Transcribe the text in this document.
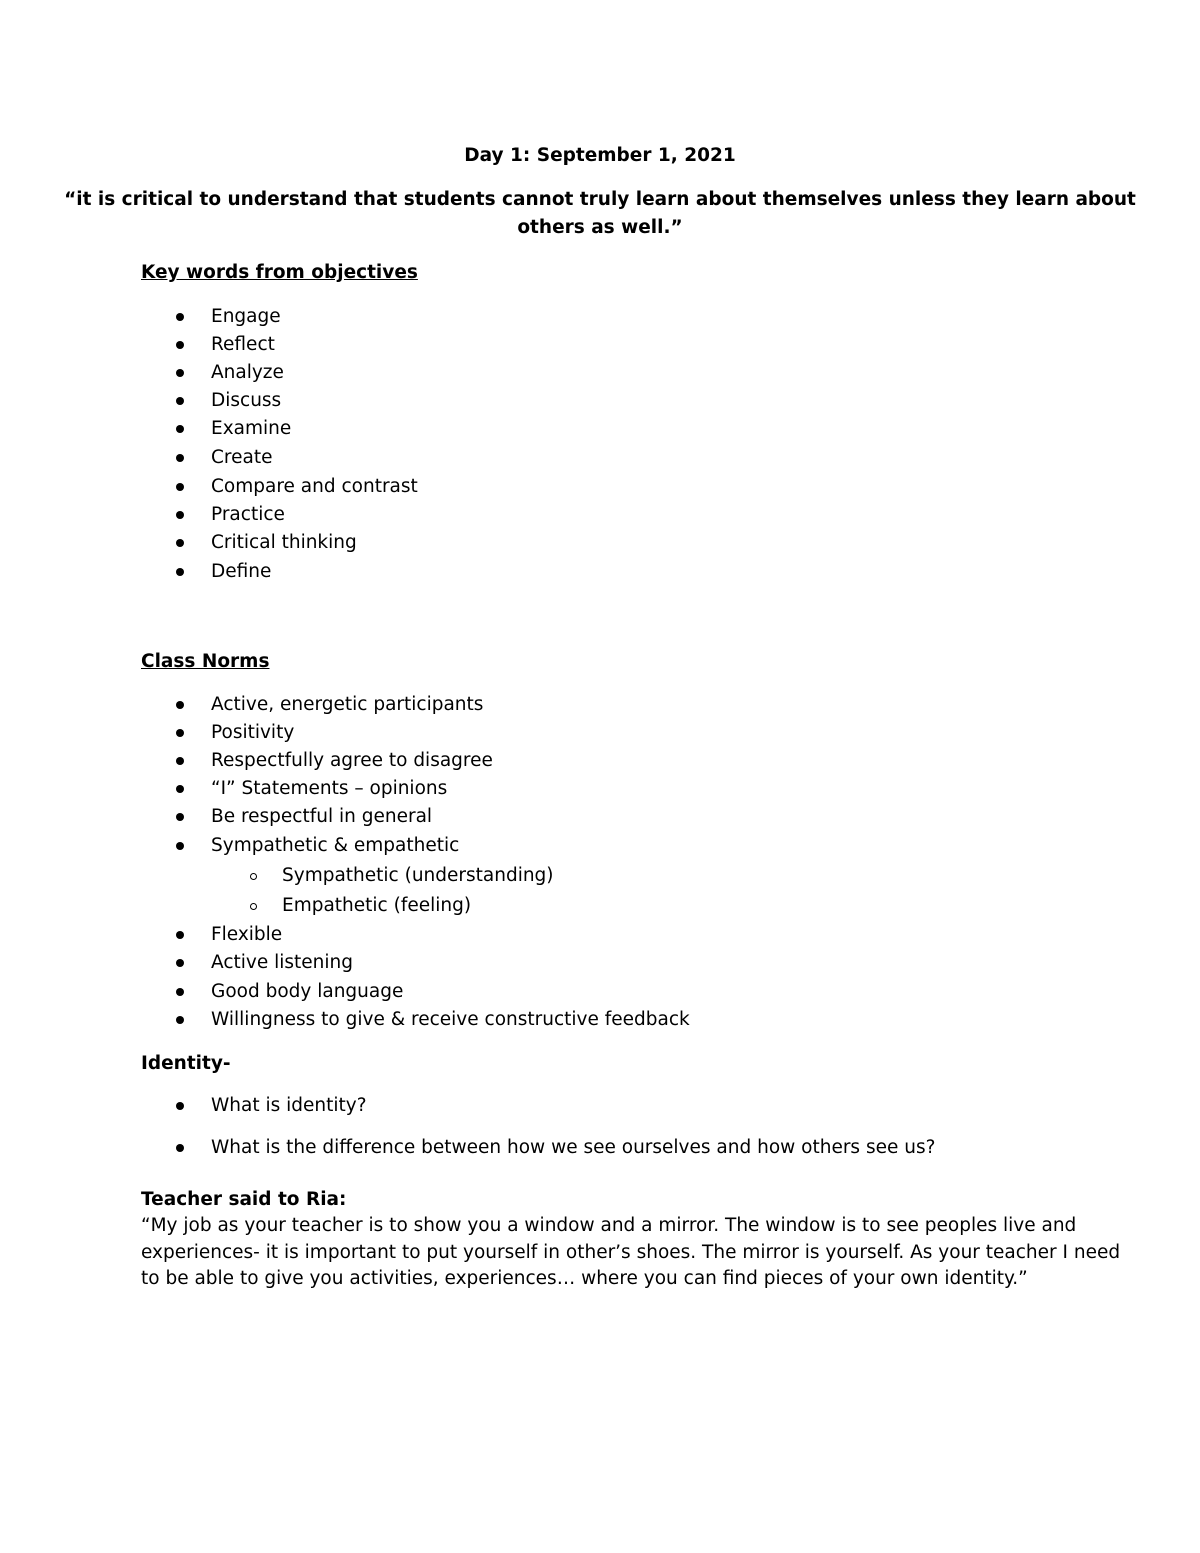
Day 1: September 1, 2021
“it is critical to understand that students cannot truly learn about themselves unless they learn about
others as well.”
Key words from objectives
Engage
Reflect
Analyze
Discuss
Examine
Create
Compare and contrast
Practice
Critical thinking
Define
Class Norms
Active, energetic participants
Positivity
Respectfully agree to disagree
“I” Statements – opinions
Be respectful in general
Sympathetic & empathetic
Sympathetic (understanding)
Empathetic (feeling)
Flexible
Active listening
Good body language
Willingness to give & receive constructive feedback
Identity-
What is identity?
What is the difference between how we see ourselves and how others see us?
Teacher said to Ria:
“My job as your teacher is to show you a window and a mirror. The window is to see peoples live and
experiences- it is important to put yourself in other’s shoes. The mirror is yourself. As your teacher I need
to be able to give you activities, experiences… where you can find pieces of your own identity.”
